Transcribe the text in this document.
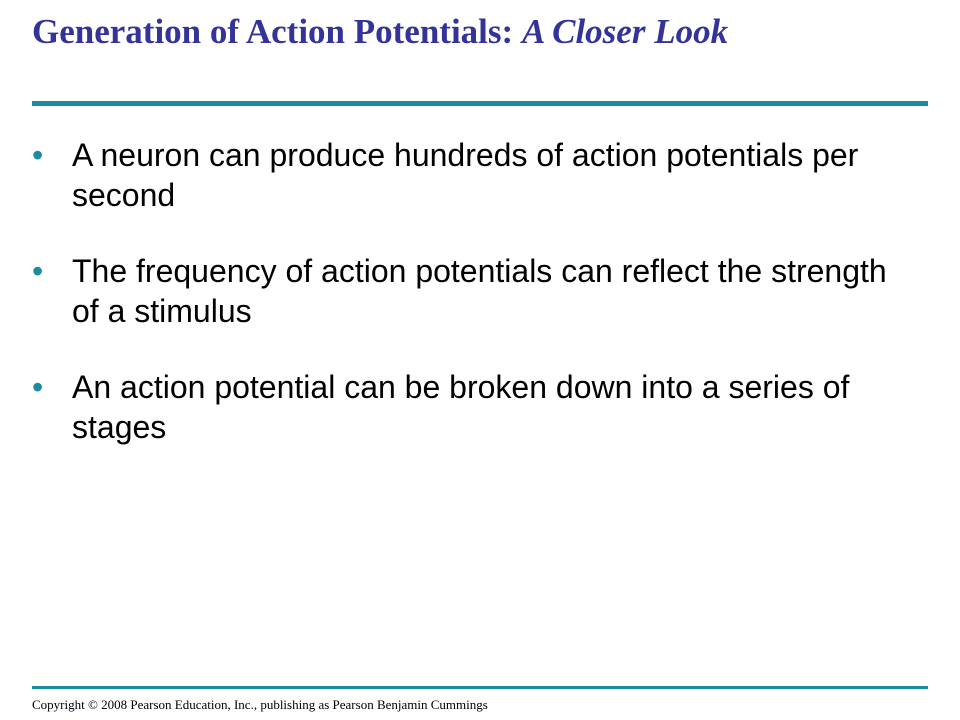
Generation of Action Potentials: A Closer Look
• A neuron can produce hundreds of action potentials per second
• The frequency of action potentials can reflect the strength of a stimulus
• An action potential can be broken down into a series of stages
Copyright © 2008 Pearson Education, Inc., publishing as Pearson Benjamin Cummings
